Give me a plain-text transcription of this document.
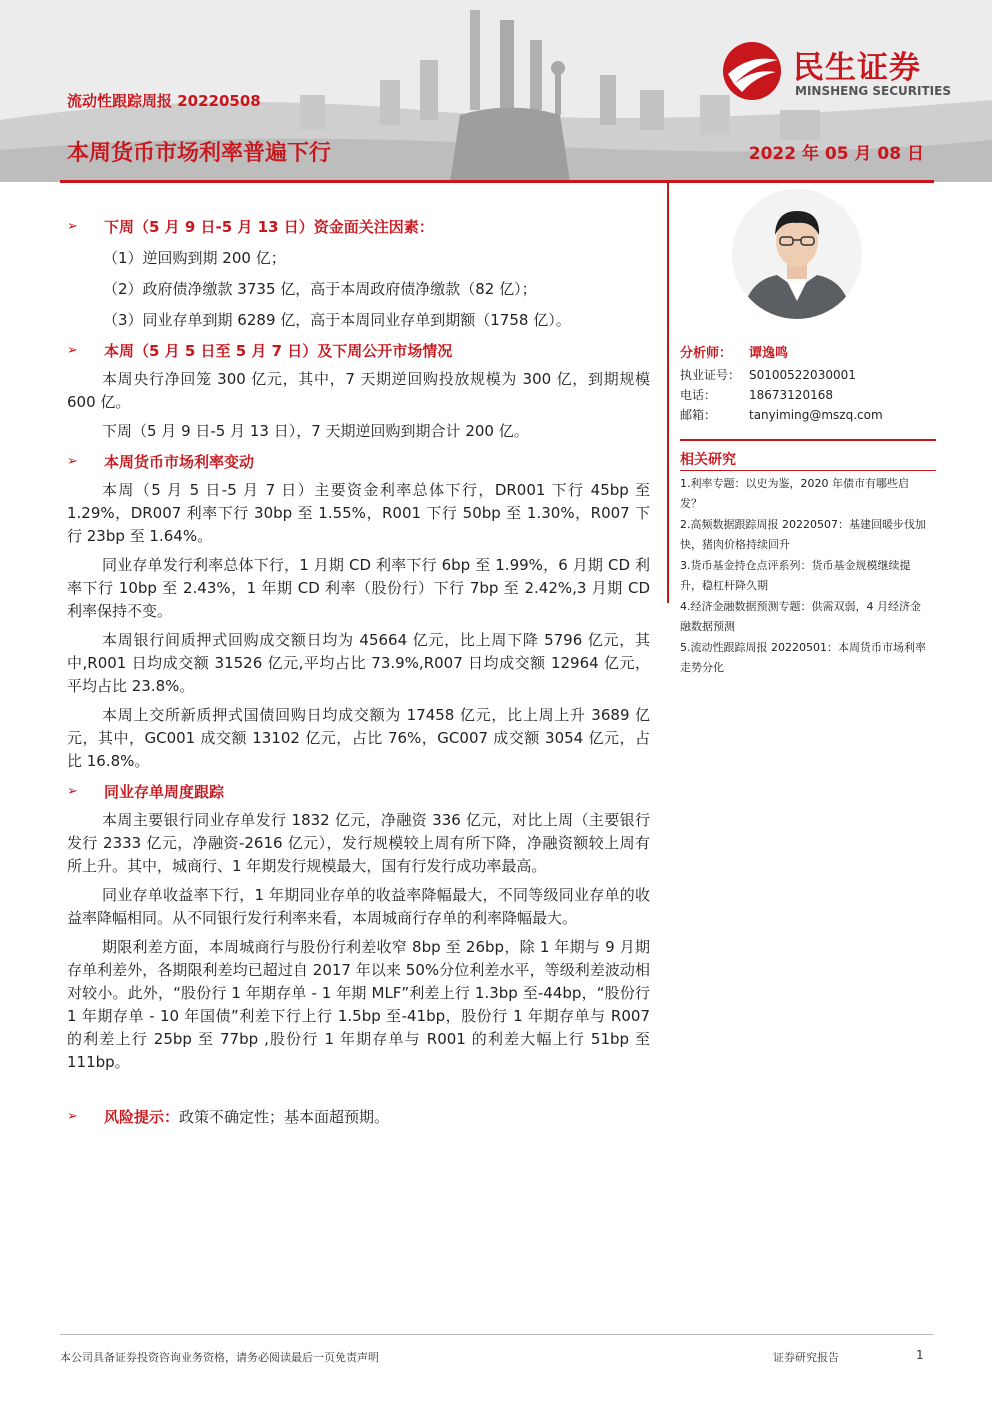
流动性跟踪周报 20220508
本周货币市场利率普遍下行	2022 年 05 月 08 日
民生证券
MINSHENG SECURITIES
➢ 下周（5 月 9 日-5 月 13 日）资金面关注因素：
（1）逆回购到期 200 亿；
（2）政府债净缴款 3735 亿，高于本周政府债净缴款（82 亿）；
（3）同业存单到期 6289 亿，高于本周同业存单到期额（1758 亿）。
➢ 本周（5 月 5 日至 5 月 7 日）及下周公开市场情况

本周央行净回笼 300 亿元，其中，7 天期逆回购投放规模为 300 亿，到期规模 600 亿。

下周（5 月 9 日-5 月 13 日），7 天期逆回购到期合计 200 亿。

➢ 本周货币市场利率变动

本周（5 月 5 日-5 月 7 日）主要资金利率总体下行，DR001 下行 45bp 至 1.29%，DR007 利率下行 30bp 至 1.55%，R001 下行 50bp 至 1.30%，R007 下行 23bp 至 1.64%。

同业存单发行利率总体下行，1 月期 CD 利率下行 6bp 至 1.99%，6 月期 CD 利率下行 10bp 至 2.43%，1 年期 CD 利率（股份行）下行 7bp 至 2.42%,3 月期 CD 利率保持不变。

本周银行间质押式回购成交额日均为 45664 亿元，比上周下降 5796 亿元，其中,R001 日均成交额 31526 亿元,平均占比 73.9%,R007 日均成交额 12964 亿元，平均占比 23.8%。

本周上交所新质押式国债回购日均成交额为 17458 亿元，比上周上升 3689 亿元，其中，GC001 成交额 13102 亿元，占比 76%，GC007 成交额 3054 亿元，占比 16.8%。

➢ 同业存单周度跟踪

本周主要银行同业存单发行 1832 亿元，净融资 336 亿元，对比上周（主要银行发行 2333 亿元，净融资-2616 亿元），发行规模较上周有所下降，净融资额较上周有所上升。其中，城商行、1 年期发行规模最大，国有行发行成功率最高。

同业存单收益率下行，1 年期同业存单的收益率降幅最大，不同等级同业存单的收益率降幅相同。从不同银行发行利率来看，本周城商行存单的利率降幅最大。

期限利差方面，本周城商行与股份行利差收窄 8bp 至 26bp，除 1 年期与 9 月期存单利差外，各期限利差均已超过自 2017 年以来 50%分位利差水平，等级利差波动相对较小。此外，“股份行 1 年期存单 - 1 年期 MLF”利差上行 1.3bp 至-44bp，“股份行 1 年期存单 - 10 年国债”利差下行上行 1.5bp 至-41bp，股份行 1 年期存单与 R007 的利差上行 25bp 至 77bp ,股份行 1 年期存单与 R001 的利差大幅上行 51bp 至 111bp。

➢ 风险提示：政策不确定性；基本面超预期。
分析师： 谭逸鸣
执业证号： S0100522030001
电话：	18673120168
邮箱：	tanyiming@mszq.com
相关研究
1.利率专题：以史为鉴，2020 年债市有哪些启发？
2.高频数据跟踪周报 20220507：基建回暖步伐加快，猪肉价格持续回升
3.货币基金持仓点评系列：货币基金规模继续提升，稳杠杆降久期
4.经济金融数据预测专题：供需双弱，4 月经济金融数据预测
5.流动性跟踪周报 20220501：本周货币市场利率走势分化
本公司具备证券投资咨询业务资格，请务必阅读最后一页免责声明	证券研究报告	1
